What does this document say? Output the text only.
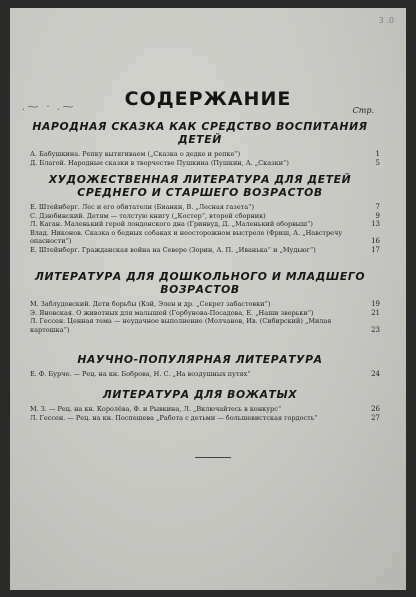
3 .0
.⁓ · .⁓	СОДЕРЖАНИЕ
Стр.
НАРОДНАЯ СКАЗКА КАК СРЕДСТВО ВОСПИТАНИЯ ДЕТЕЙ
А. Бабушкина. Репку вытягиваем („Сказка о дедке и репке“)	1
Д. Благой. Народные сказки в творчестве Пушкина (Пушкин, А. „Сказки“)	5
ХУДОЖЕСТВЕННАЯ ЛИТЕРАТУРА ДЛЯ ДЕТЕЙ СРЕДНЕГО И СТАРШЕГО ВОЗРАСТОВ
Е. Штейнберг. Лес и его обитатели (Бианки, В. „Лесная газета“)	7
С. Дзюбинский. Детям — толстую книгу („Костер“, второй сборник)	9
Л. Каган. Маленький герой лондонского дна (Гринвуд, Д. „Маленький оборвыш“)	13
Влад. Никонов. Сказка о бедных собаках и неосторожном выстреле (Фриш, А. „Навстречу опасности“)	16
Е. Штейнберг. Гражданская война на Севере (Зорин, А. П. „Иванька“ и „Мудьюг“)	17
ЛИТЕРАТУРА ДЛЯ ДОШКОЛЬНОГО И МЛАДШЕГО ВОЗРАСТОВ
М. Заблудовский. Дети борьбы (Кэй, Элен и др. „Секрет забастовки“)	19
Э. Яновская. О животных для малышей (Горбунова-Посадова, Е. „Наши зверьки“)	21
Л. Гессен. Ценная тема — неудачное выполнение (Молчанов, Ив. (Сибирский) „Милая картошка“)	23
НАУЧНО-ПОПУЛЯРНАЯ ЛИТЕРАТУРА
Е. Ф. Бурче. — Рец. на кн. Боброва, Н. С. „На воздушных путях“	24
ЛИТЕРАТУРА ДЛЯ ВОЖАТЫХ
М. З. — Рец. на кн. Королёва, Ф. и Рывкина, Л. „Включайтесь в конкурс“	26
Л. Гессен. — Рец. на кн. Поспешева „Работа с детьми — большевистская гордость“	27
